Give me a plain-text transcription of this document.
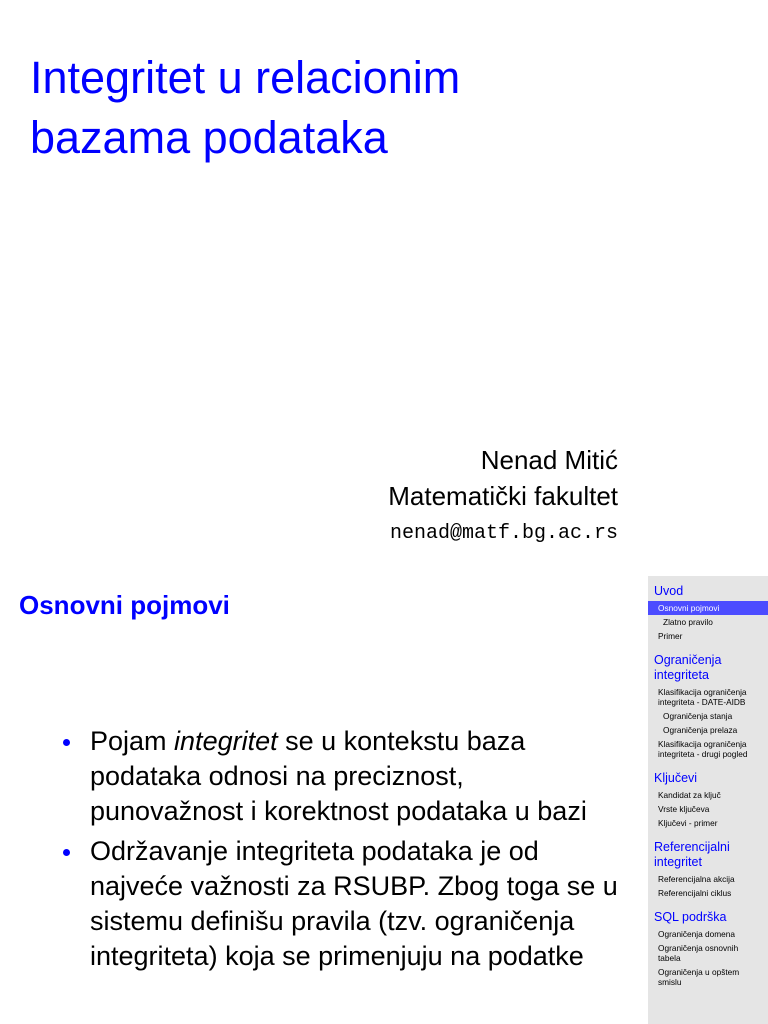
Integritet u relacionim
bazama podataka
Nenad Mitić
Matematički fakultet
nenad@matf.bg.ac.rs
Osnovni pojmovi
Pojam integritet se u kontekstu baza podataka odnosi na preciznost, punovažnost i korektnost podataka u bazi
Održavanje integriteta podataka je od najveće važnosti za RSUBP. Zbog toga se u sistemu definišu pravila (tzv. ograničenja integriteta) koja se primenjuju na podatke
Uvod
Osnovni pojmovi
Zlatno pravilo
Primer
Ograničenja integriteta
Klasifikacija ograničenja integriteta - DATE-AIDB
Ograničenja stanja
Ograničenja prelaza
Klasifikacija ograničenja integriteta - drugi pogled
Ključevi
Kandidat za ključ
Vrste ključeva
Ključevi - primer
Referencijalni integritet
Referencijalna akcija
Referencijalni ciklus
SQL podrška
Ograničenja domena
Ograničenja osnovnih tabela
Ograničenja u opštem smislu
